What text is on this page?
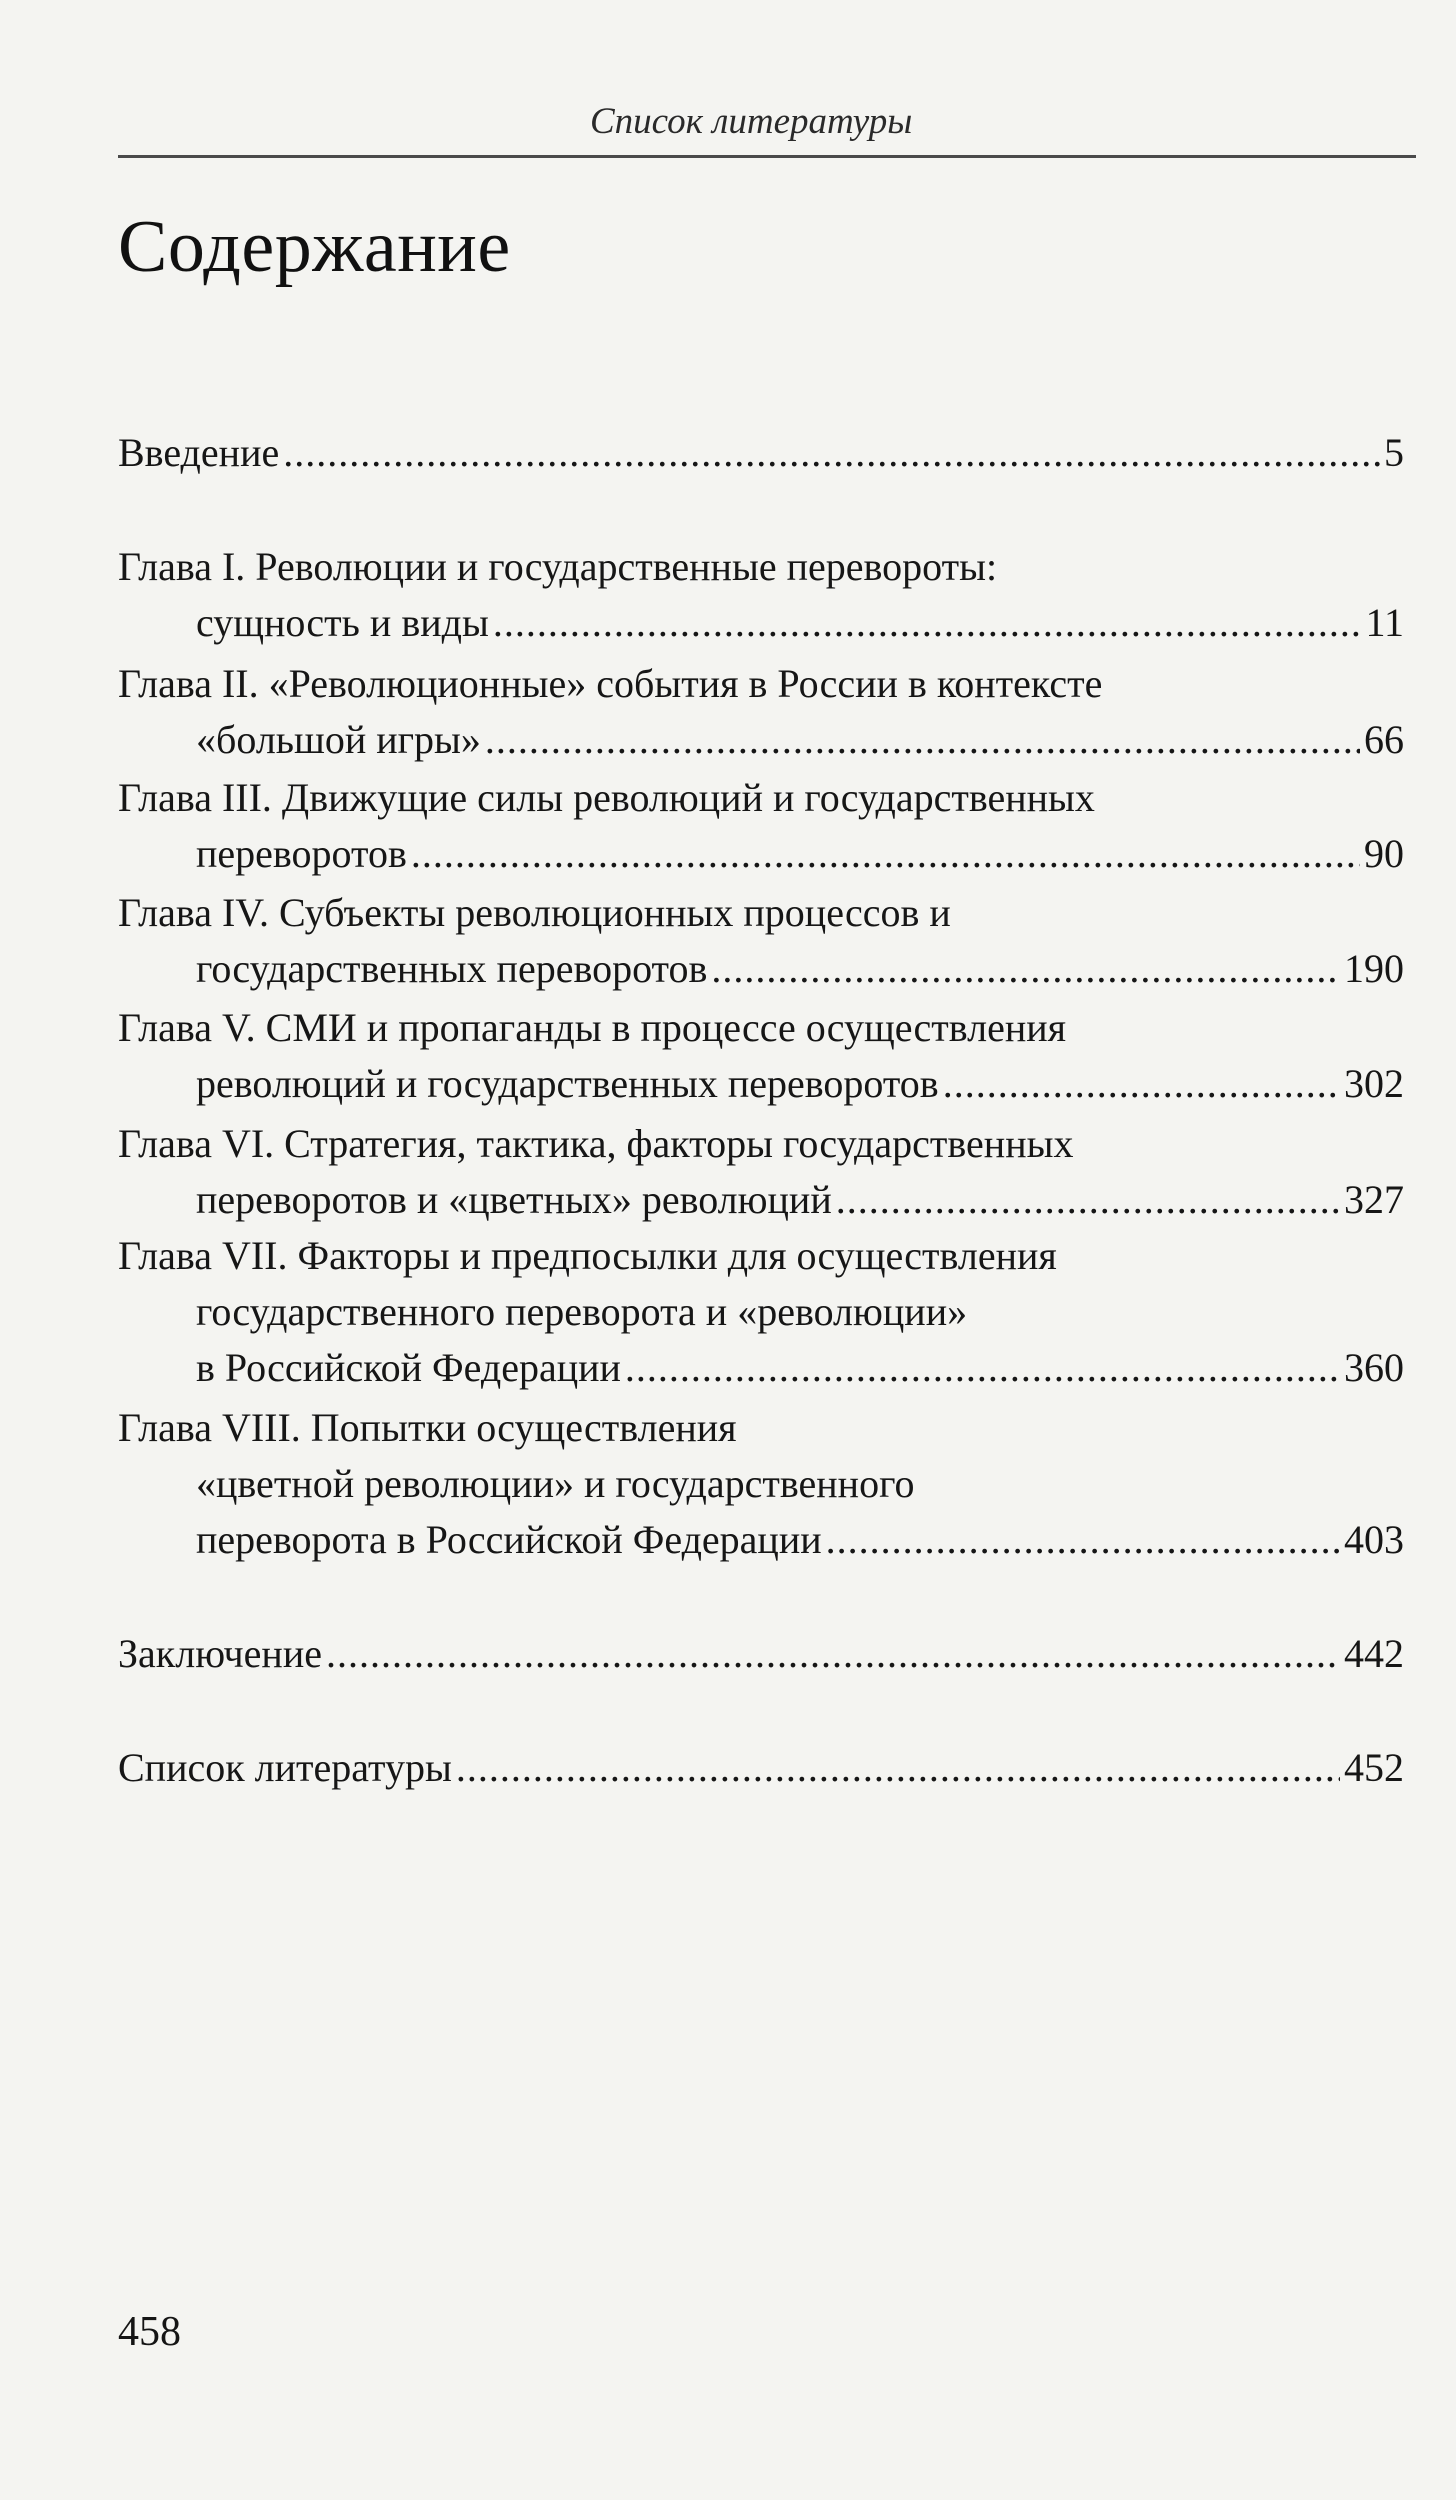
Список литературы
Содержание
Введение .....	5
Глава I. Революции и государственные перевороты:
сущность и виды .....	11
Глава II. «Революционные» события в России в контексте
«большой игры» .....	66
Глава III. Движущие силы революций и государственных
переворотов .....	90
Глава IV. Субъекты революционных процессов и
государственных переворотов .....	190
Глава V. СМИ и пропаганды в процессе осуществления
революций и государственных переворотов .....	302
Глава VI. Стратегия, тактика, факторы государственных
переворотов и «цветных» революций .....	327
Глава VII. Факторы и предпосылки для осуществления
государственного переворота и «революции»
в Российской Федерации .....	360
Глава VIII. Попытки осуществления
«цветной революции» и государственного
переворота в Российской Федерации .....	403
Заключение .....	442
Список литературы .....	452
458
